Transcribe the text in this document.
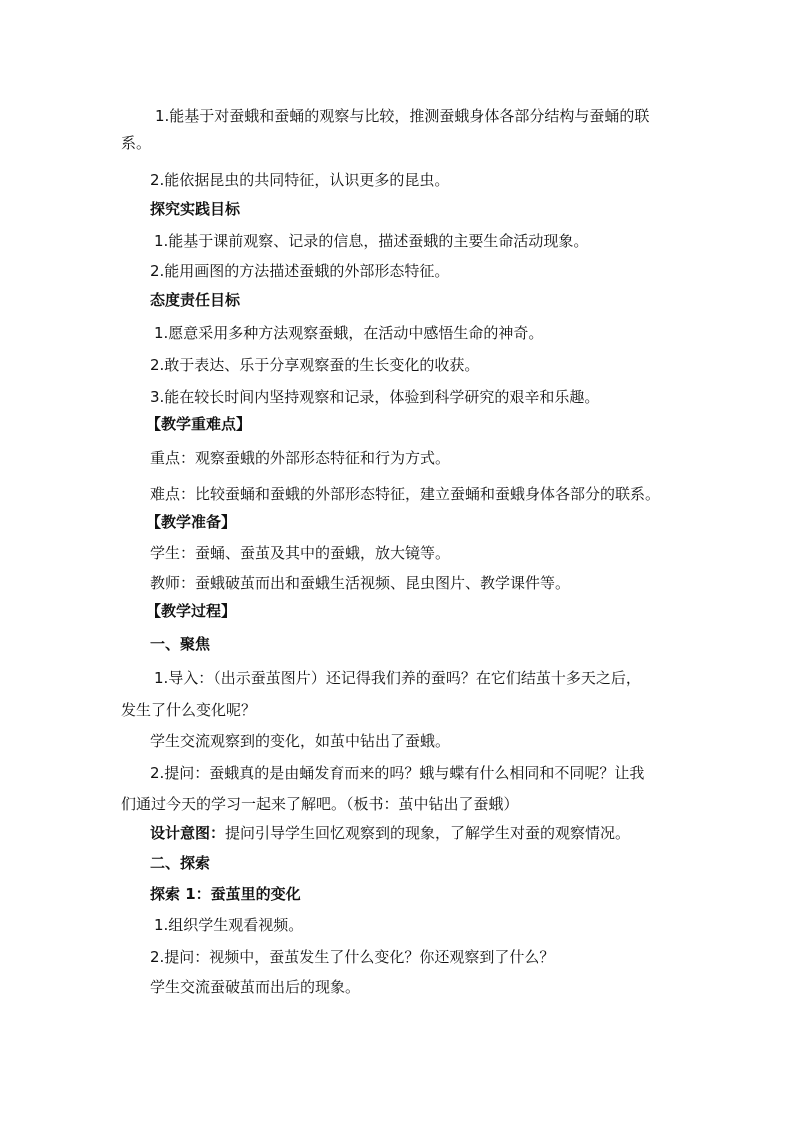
1.能基于对蚕蛾和蚕蛹的观察与比较，推测蚕蛾身体各部分结构与蚕蛹的联
系。
2.能依据昆虫的共同特征，认识更多的昆虫。
探究实践目标
1.能基于课前观察、记录的信息，描述蚕蛾的主要生命活动现象。
2.能用画图的方法描述蚕蛾的外部形态特征。
态度责任目标
1.愿意采用多种方法观察蚕蛾，在活动中感悟生命的神奇。
2.敢于表达、乐于分享观察蚕的生长变化的收获。
3.能在较长时间内坚持观察和记录，体验到科学研究的艰辛和乐趣。
【教学重难点】
重点：观察蚕蛾的外部形态特征和行为方式。
难点：比较蚕蛹和蚕蛾的外部形态特征，建立蚕蛹和蚕蛾身体各部分的联系。
【教学准备】
学生：蚕蛹、蚕茧及其中的蚕蛾，放大镜等。
教师：蚕蛾破茧而出和蚕蛾生活视频、昆虫图片、教学课件等。
【教学过程】
一、聚焦
1.导入：（出示蚕茧图片）还记得我们养的蚕吗？在它们结茧十多天之后，
发生了什么变化呢？
学生交流观察到的变化，如茧中钻出了蚕蛾。
2.提问：蚕蛾真的是由蛹发育而来的吗？蛾与蝶有什么相同和不同呢？让我
们通过今天的学习一起来了解吧。（板书：茧中钻出了蚕蛾）
设计意图：提问引导学生回忆观察到的现象，了解学生对蚕的观察情况。
二、探索
探索 1：蚕茧里的变化
1.组织学生观看视频。
2.提问：视频中，蚕茧发生了什么变化？你还观察到了什么？
学生交流蚕破茧而出后的现象。
